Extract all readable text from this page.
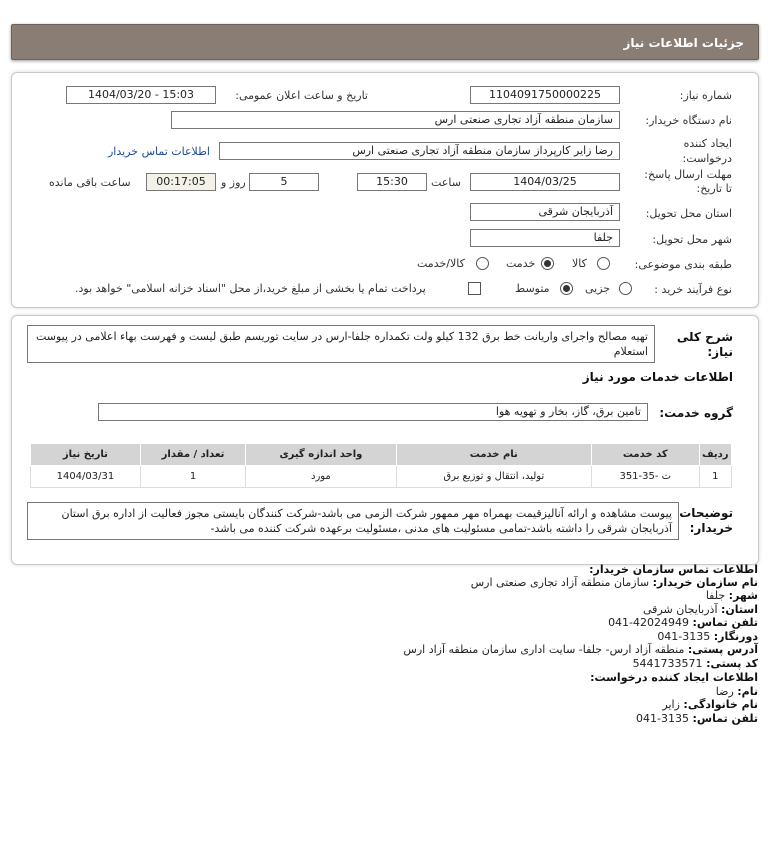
جزئیات اطلاعات نیاز
شماره نیاز:
1104091750000225
تاریخ و ساعت اعلان عمومی:
1404/03/20 - 15:03
نام دستگاه خریدار:
سازمان منطقه آزاد تجاری صنعتی ارس
ایجاد کننده
درخواست:
رضا زایر کارپرداز سازمان منطقه آزاد تجاری صنعتی ارس
اطلاعات تماس خریدار
مهلت ارسال پاسخ:
تا تاریخ:
1404/03/25
ساعت
15:30
5
روز و
00:17:05
ساعت باقی مانده
استان محل تحویل:
آذربایجان شرقی
شهر محل تحویل:
جلفا
طبقه بندی موضوعی:
کالا
خدمت
کالا/خدمت
نوع فرآیند خرید :
جزیی
متوسط
پرداخت تمام یا بخشی از مبلغ خرید،از محل "اسناد خزانه اسلامی" خواهد بود.
شرح کلی
نیاز:
تهیه مصالح واجرای واریانت خط برق 132 کیلو ولت تکمداره جلفا-ارس در سایت توریسم طبق لیست و فهرست بهاء اعلامی در پیوست استعلام
اطلاعات خدمات مورد نیاز
گروه خدمت:
تامین برق، گاز، بخار و تهویه هوا
ردیف	کد خدمت	نام خدمت	واحد اندازه گیری	تعداد / مقدار	تاریخ نیاز
1	ت -35-351	تولید، انتقال و توزیع برق	مورد	1	1404/03/31
توضیحات
خریدار:
پیوست مشاهده و ارائه آنالیزقیمت بهمراه مهر ممهور شرکت الزمی می باشد-شرکت کنندگان بایستی مجوز فعالیت از اداره برق استان آذربایجان شرقی را داشته باشد-تمامی مسئولیت های مدنی ،مسئولیت برعهده شرکت کننده می باشد-
اطلاعات تماس سازمان خریدار:
نام سازمان خریدار: سازمان منطقه آزاد تجاری صنعتی ارس
شهر: جلفا
استان: آذربایجان شرقی
تلفن تماس: 041-42024949
دورنگار: 041-3135
آدرس پستی: منطقه آزاد ارس- جلفا- سایت اداری سازمان منطقه آزاد ارس
کد پستی: 5441733571
اطلاعات ایجاد کننده درخواست:
نام: رضا
نام خانوادگی: زایر
تلفن تماس: 041-3135
